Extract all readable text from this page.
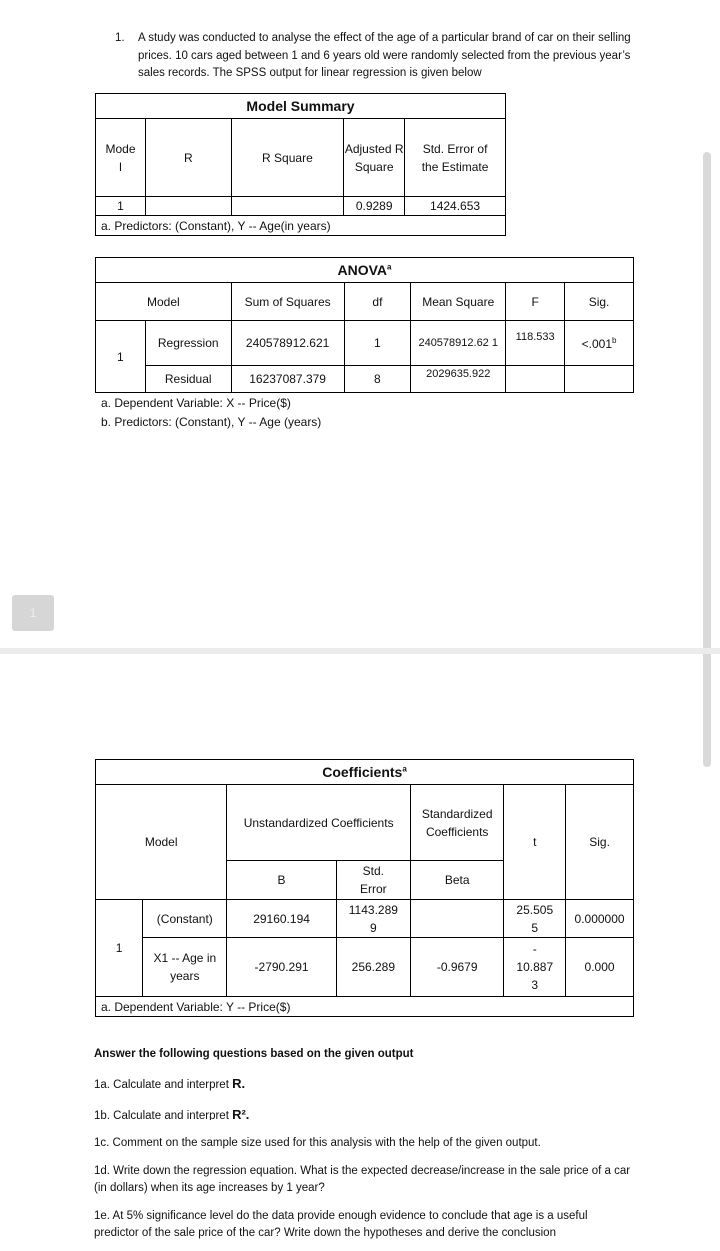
1. A study was conducted to analyse the effect of the age of a particular brand of car on their selling prices. 10 cars aged between 1 and 6 years old were randomly selected from the previous year’s sales records. The SPSS output for linear regression is given below
Model Summary				
Mode l	R	R Square	Adjusted R Square	Std. Error of the Estimate
1			0.9289	1424.653
a. Predictors: (Constant), Y -- Age(in years)				
ANOVA$^a$
Model		Sum of Squares	df	Mean Square	F	Sig.
1	Regression	240578912.621	1	240578912.62 1	118.533	<.001$^b$
	Residual	16237087.379	8	2029635.922		
a. Dependent Variable: X -- Price($)
b. Predictors: (Constant), Y -- Age (years)
1
Coefficients$^a$
Model		Unstandardized Coefficients		Standardized Coefficients	t	Sig.
		B	Std. Error	Beta		
1	(Constant)	29160.194	1143.289 9		25.505 5	0.000000
	X1 -- Age in years	-2790.291	256.289	-0.9679	- 10.887 3	0.000
a. Dependent Variable: Y -- Price($)						
Answer the following questions based on the given output
1a. Calculate and interpret R.
1b. Calculate and interpret R².
1c. Comment on the sample size used for this analysis with the help of the given output.
1d. Write down the regression equation. What is the expected decrease/increase in the sale price of a car (in dollars) when its age increases by 1 year?
1e. At 5% significance level do the data provide enough evidence to conclude that age is a useful predictor of the sale price of the car? Write down the hypotheses and derive the conclusion
